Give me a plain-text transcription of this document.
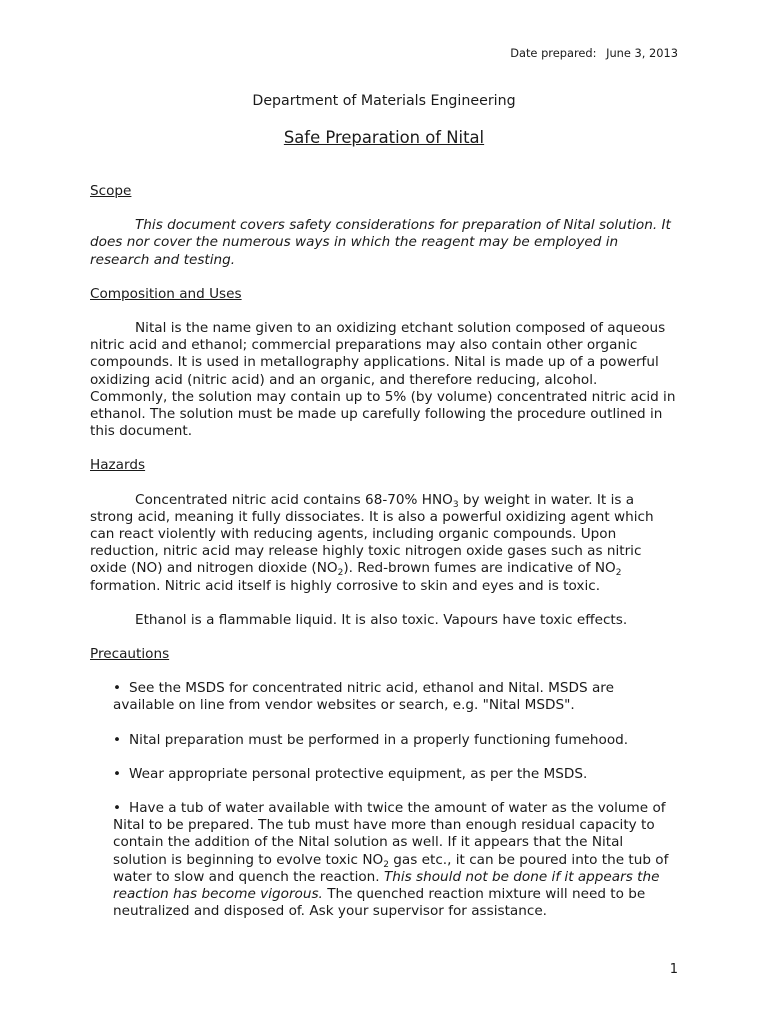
Date prepared: June 3, 2013
Department of Materials Engineering
Safe Preparation of Nital

Scope

This document covers safety considerations for preparation of Nital solution. It does nor cover the numerous ways in which the reagent may be employed in research and testing.

Composition and Uses

Nital is the name given to an oxidizing etchant solution composed of aqueous nitric acid and ethanol; commercial preparations may also contain other organic compounds. It is used in metallography applications. Nital is made up of a powerful oxidizing acid (nitric acid) and an organic, and therefore reducing, alcohol. Commonly, the solution may contain up to 5% (by volume) concentrated nitric acid in ethanol. The solution must be made up carefully following the procedure outlined in this document.

Hazards

Concentrated nitric acid contains 68-70% $HNO_3$ by weight in water. It is a strong acid, meaning it fully dissociates. It is also a powerful oxidizing agent which can react violently with reducing agents, including organic compounds. Upon reduction, nitric acid may release highly toxic nitrogen oxide gases such as nitric oxide (NO) and nitrogen dioxide $(NO_2)$. Red-brown fumes are indicative of $NO_2$ formation. Nitric acid itself is highly corrosive to skin and eyes and is toxic.

Ethanol is a flammable liquid. It is also toxic. Vapours have toxic effects.

Precautions

• See the MSDS for concentrated nitric acid, ethanol and Nital. MSDS are available on line from vendor websites or search, e.g. "Nital MSDS".

• Nital preparation must be performed in a properly functioning fumehood.

• Wear appropriate personal protective equipment, as per the MSDS.

• Have a tub of water available with twice the amount of water as the volume of Nital to be prepared. The tub must have more than enough residual capacity to contain the addition of the Nital solution as well. If it appears that the Nital solution is beginning to evolve toxic $NO_2$ gas etc., it can be poured into the tub of water to slow and quench the reaction. This should not be done if it appears the reaction has become vigorous. The quenched reaction mixture will need to be neutralized and disposed of. Ask your supervisor for assistance.

1
